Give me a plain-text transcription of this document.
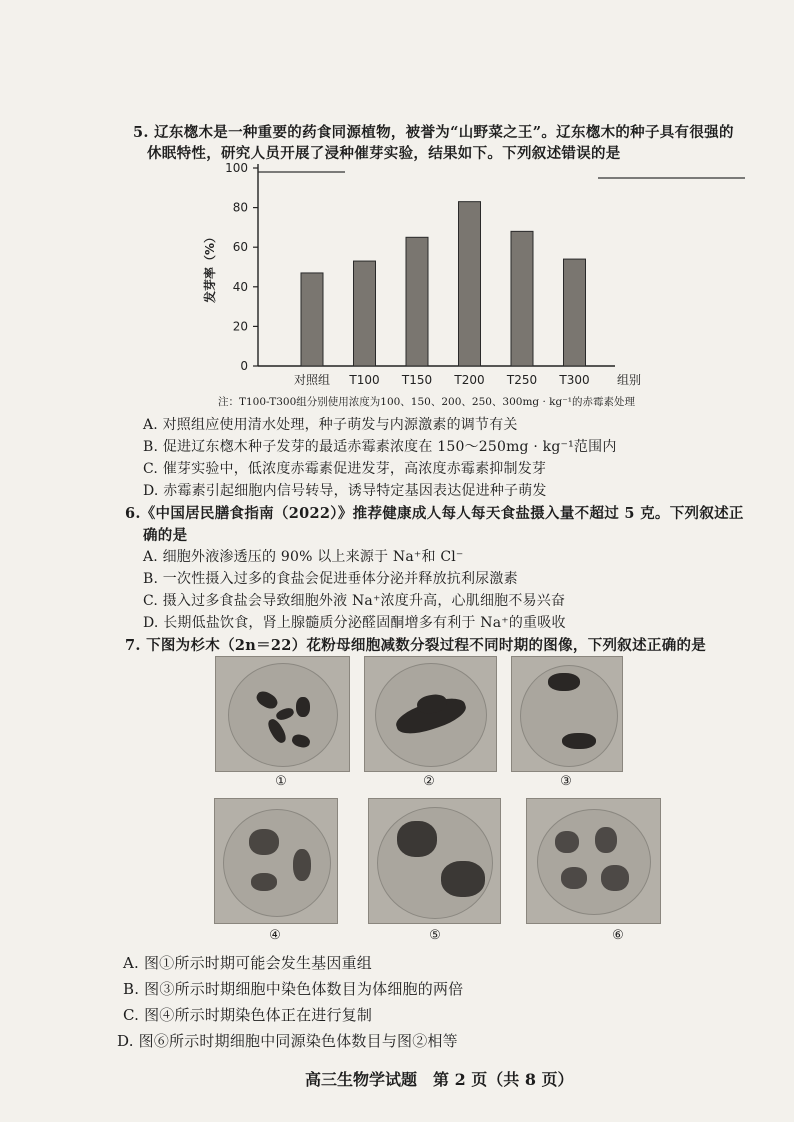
5. 辽东楤木是一种重要的药食同源植物，被誉为“山野菜之王”。辽东楤木的种子具有很强的
休眠特性，研究人员开展了浸种催芽实验，结果如下。下列叙述错误的是
0
20
40
60
80
100
发芽率（%）
对照组 T100 T150 T200 T250 T300 组别
注：T100-T300组分别使用浓度为100、150、200、250、300mg · kg⁻¹的赤霉素处理
A. 对照组应使用清水处理，种子萌发与内源激素的调节有关
B. 促进辽东楤木种子发芽的最适赤霉素浓度在 150～250mg · kg⁻¹范围内
C. 催芽实验中，低浓度赤霉素促进发芽，高浓度赤霉素抑制发芽
D. 赤霉素引起细胞内信号转导，诱导特定基因表达促进种子萌发
6.《中国居民膳食指南（2022）》推荐健康成人每人每天食盐摄入量不超过 5 克。下列叙述正
确的是
A. 细胞外液渗透压的 90% 以上来源于 Na⁺和 Cl⁻
B. 一次性摄入过多的食盐会促进垂体分泌并释放抗利尿激素
C. 摄入过多食盐会导致细胞外液 Na⁺浓度升高，心肌细胞不易兴奋
D. 长期低盐饮食，肾上腺髓质分泌醛固酮增多有利于 Na⁺的重吸收
7. 下图为杉木（2n＝22）花粉母细胞减数分裂过程不同时期的图像，下列叙述正确的是
①	②	③
④	⑤	⑥
A. 图①所示时期可能会发生基因重组
B. 图③所示时期细胞中染色体数目为体细胞的两倍
C. 图④所示时期染色体正在进行复制
D. 图⑥所示时期细胞中同源染色体数目与图②相等
高三生物学试题　第 2 页（共 8 页）
